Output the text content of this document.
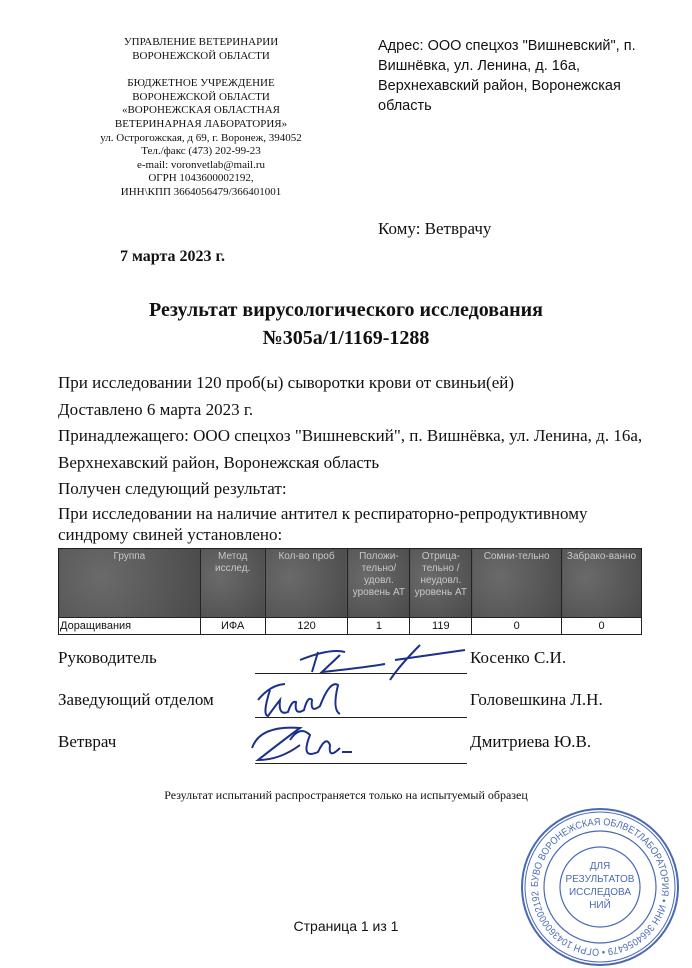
УПРАВЛЕНИЕ ВЕТЕРИНАРИИ
ВОРОНЕЖСКОЙ ОБЛАСТИ
БЮДЖЕТНОЕ УЧРЕЖДЕНИЕ
ВОРОНЕЖСКОЙ ОБЛАСТИ
«ВОРОНЕЖСКАЯ ОБЛАСТНАЯ
ВЕТЕРИНАРНАЯ ЛАБОРАТОРИЯ»
ул. Острогожская, д 69, г. Воронеж, 394052
Тел./факс (473) 202-99-23
e-mail: voronvetlab@mail.ru
ОГРН 1043600002192,
ИНН\КПП 3664056479/366401001
Адрес: ООО спецхоз "Вишневский", п. Вишнёвка, ул. Ленина, д. 16а, Верхнехавский район, Воронежская область
Кому: Ветврачу
7 марта 2023 г.
Результат вирусологического исследования
№305а/1/1169-1288

При исследовании 120 проб(ы) сыворотки крови от свиньи(ей)

Доставлено 6 марта 2023 г.

Принадлежащего: ООО спецхоз "Вишневский", п. Вишнёвка, ул. Ленина, д. 16а, Верхнехавский район, Воронежская область

Получен следующий результат:

При исследовании на наличие антител к респираторно-репродуктивному синдрому свиней установлено:

Группа	Метод исслед.	Кол-во проб	Положи-тельно/ удовл. уровень АТ	Отрица-тельно / неудовл. уровень АТ	Сомни-тельно	Забрако-ванно
Доращивания	ИФА	120	1	119	0	0
Руководитель	Косенко С.И.
Заведующий отделом	Головешкина Л.Н.
Ветврач	Дмитриева Ю.В.
Результат испытаний распространяется только на испытуемый образец
БУВО ВОРОНЕЖСКАЯ ОБЛВЕТЛАБОРАТОРИЯ • ИНН 3664056479 • ОГРН 1043600002192
ДЛЯ
РЕЗУЛЬТАТОВ
ИССЛЕДОВА
НИЙ
Страница 1 из 1
